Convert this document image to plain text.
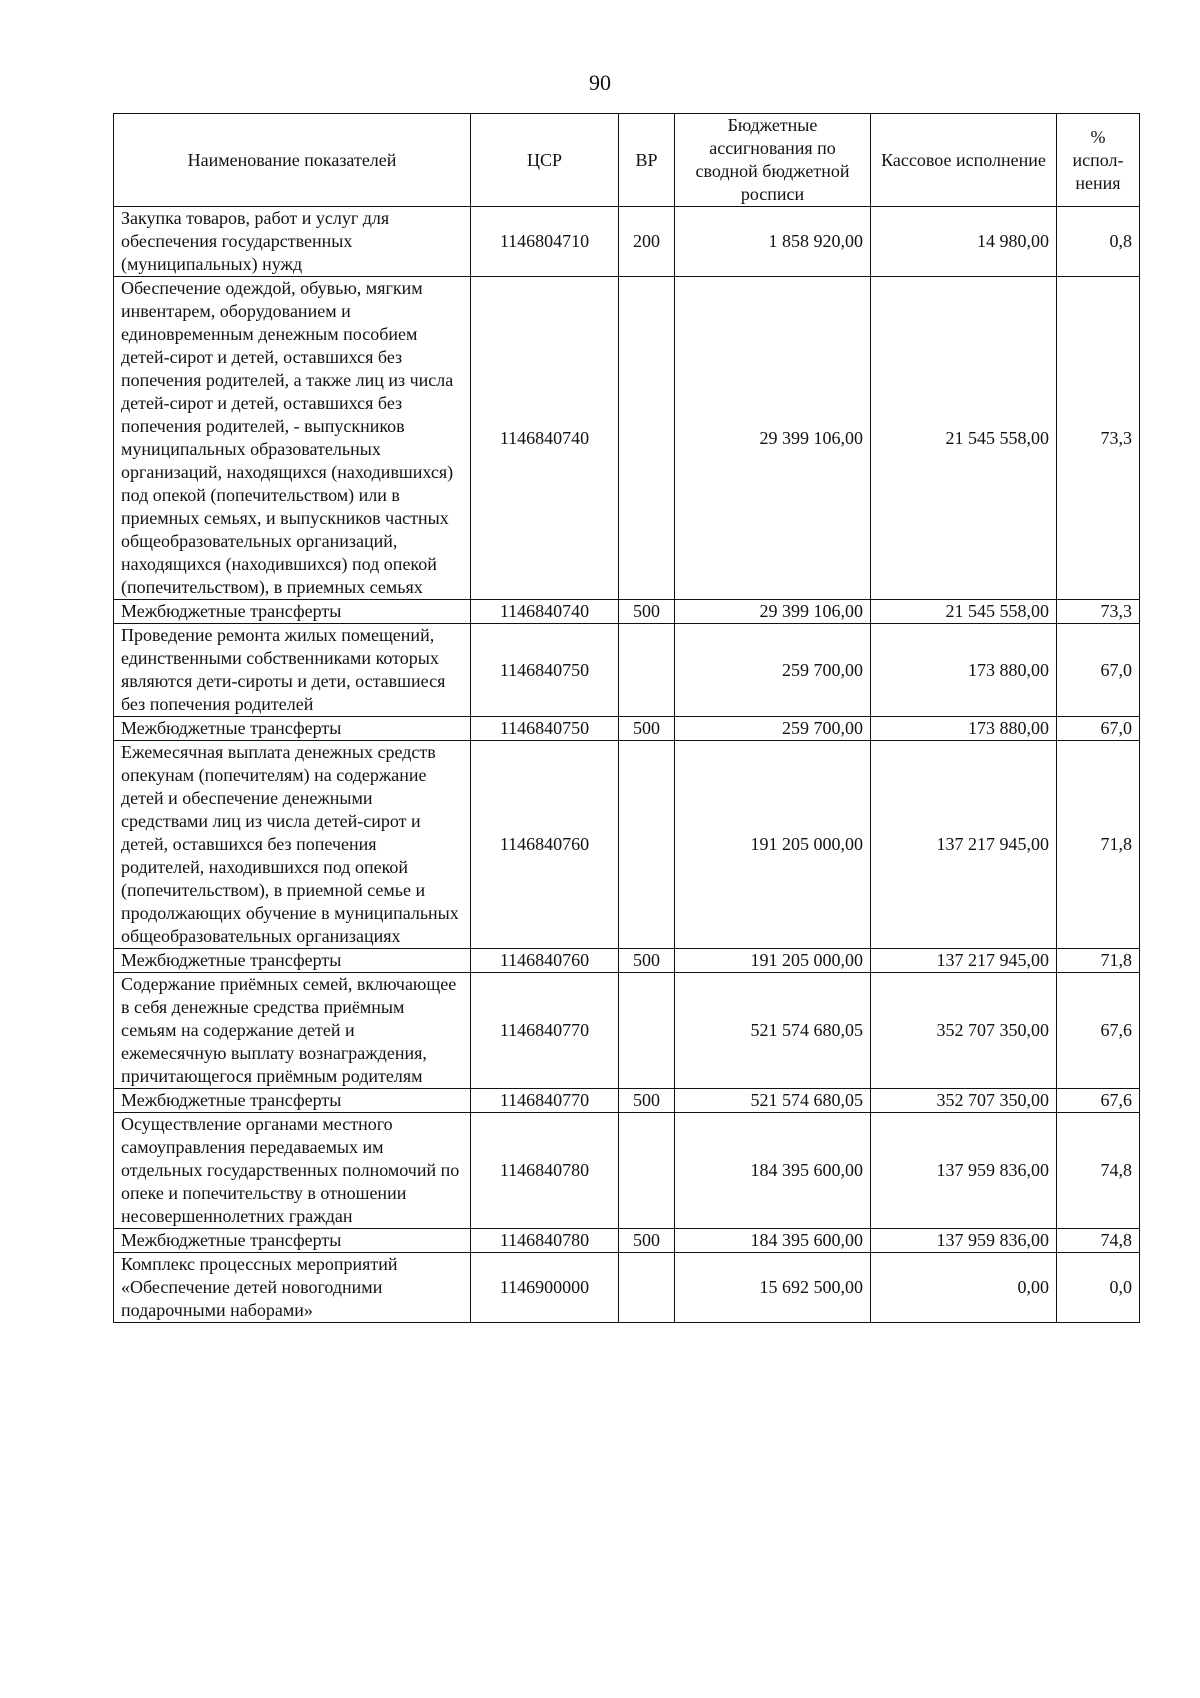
90
Наименование показателей	ЦСР	ВР	Бюджетные ассигнования по сводной бюджетной росписи	Кассовое исполнение	% испол-нения
Закупка товаров, работ и услуг для обеспечения государственных (муниципальных) нужд	1146804710	200	1 858 920,00	14 980,00	0,8
Обеспечение одеждой, обувью, мягким инвентарем, оборудованием и единовременным денежным пособием детей-сирот и детей, оставшихся без попечения родителей, а также лиц из числа детей-сирот и детей, оставшихся без попечения родителей, - выпускников муниципальных образовательных организаций, находящихся (находившихся) под опекой (попечительством) или в приемных семьях, и выпускников частных общеобразовательных организаций, находящихся (находившихся) под опекой (попечительством), в приемных семьях	1146840740		29 399 106,00	21 545 558,00	73,3
Межбюджетные трансферты	1146840740	500	29 399 106,00	21 545 558,00	73,3
Проведение ремонта жилых помещений, единственными собственниками которых являются дети-сироты и дети, оставшиеся без попечения родителей	1146840750		259 700,00	173 880,00	67,0
Межбюджетные трансферты	1146840750	500	259 700,00	173 880,00	67,0
Ежемесячная выплата денежных средств опекунам (попечителям) на содержание детей и обеспечение денежными средствами лиц из числа детей-сирот и детей, оставшихся без попечения родителей, находившихся под опекой (попечительством), в приемной семье и продолжающих обучение в муниципальных общеобразовательных организациях	1146840760		191 205 000,00	137 217 945,00	71,8
Межбюджетные трансферты	1146840760	500	191 205 000,00	137 217 945,00	71,8
Содержание приёмных семей, включающее в себя денежные средства приёмным семьям на содержание детей и ежемесячную выплату вознаграждения, причитающегося приёмным родителям	1146840770		521 574 680,05	352 707 350,00	67,6
Межбюджетные трансферты	1146840770	500	521 574 680,05	352 707 350,00	67,6
Осуществление органами местного самоуправления передаваемых им отдельных государственных полномочий по опеке и попечительству в отношении несовершеннолетних граждан	1146840780		184 395 600,00	137 959 836,00	74,8
Межбюджетные трансферты	1146840780	500	184 395 600,00	137 959 836,00	74,8
Комплекс процессных мероприятий «Обеспечение детей новогодними подарочными наборами»	1146900000		15 692 500,00	0,00	0,0
